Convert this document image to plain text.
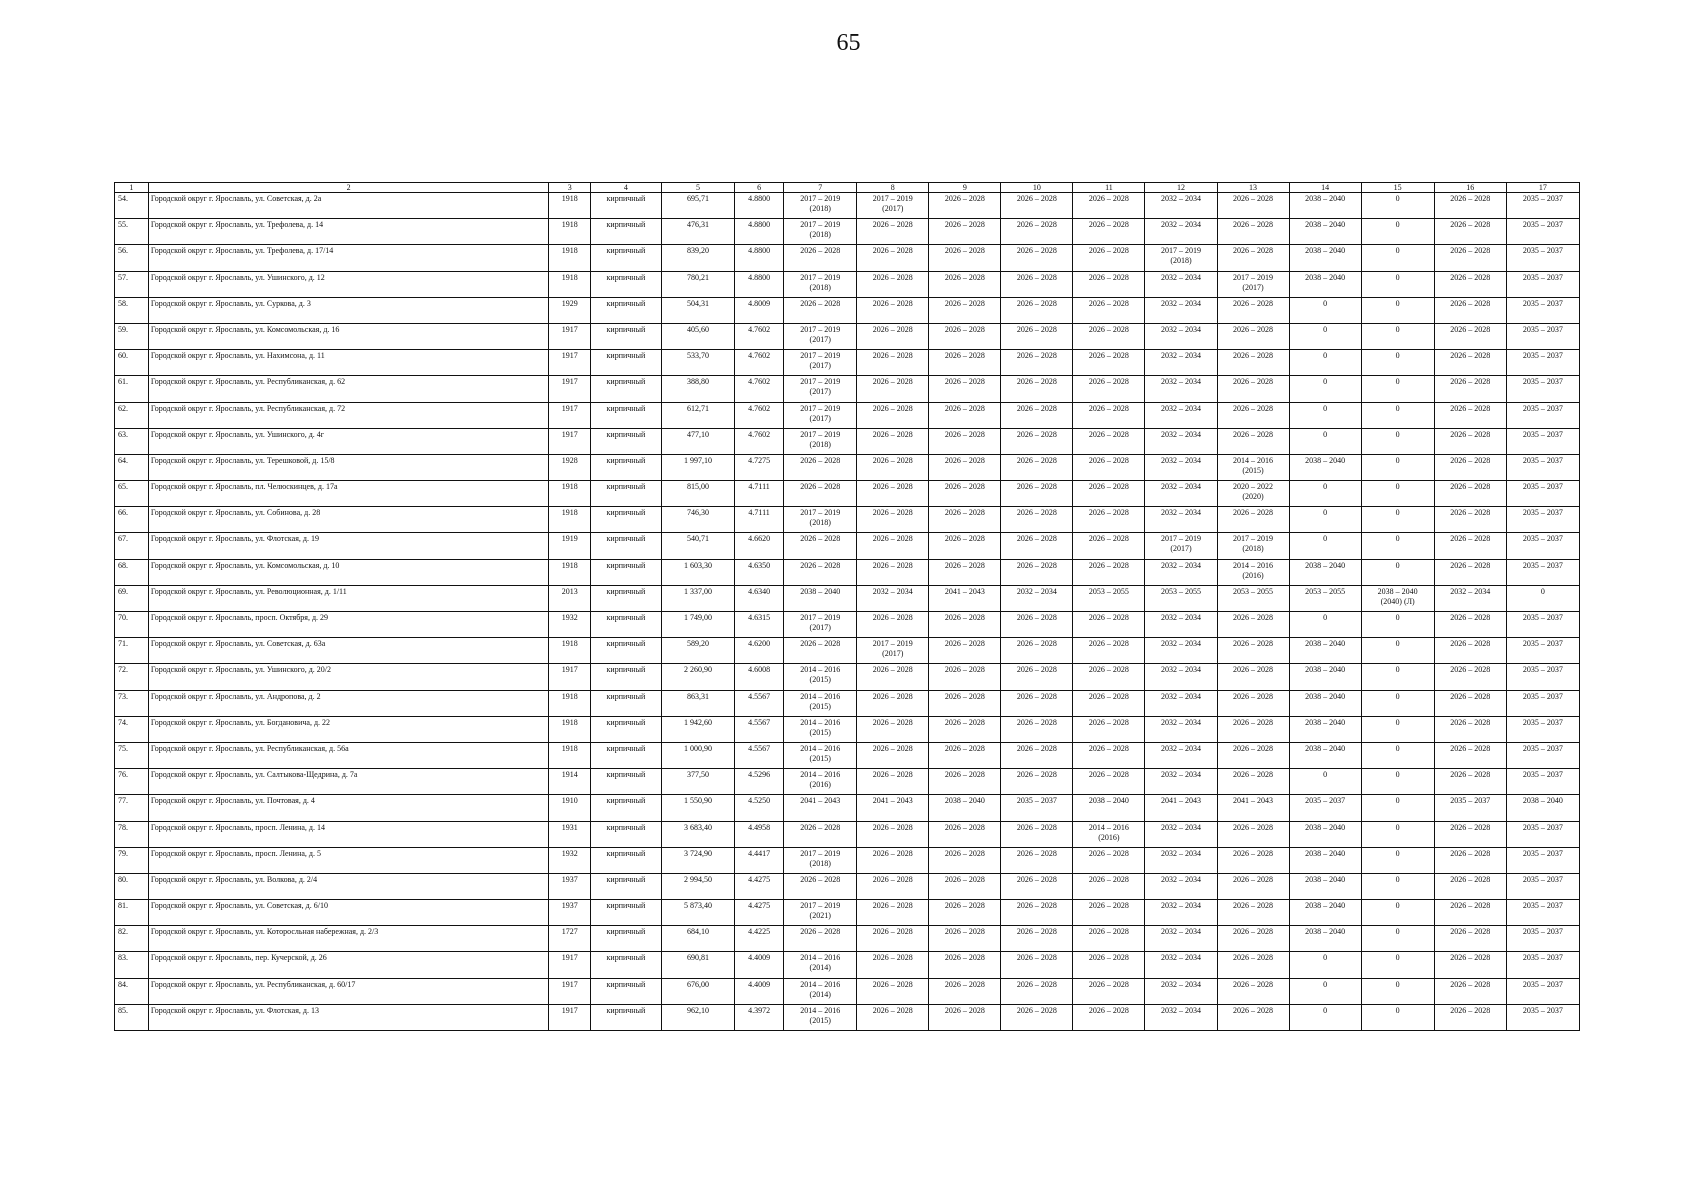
65
1	2	3	4	5	6	7	8	9	10	11	12	13	14	15	16	17
54.	Городской округ г. Ярославль, ул. Советская, д. 2а	1918	кирпичный	695,71	4.8800	2017 – 2019
(2018)	2017 – 2019
(2017)	2026 – 2028	2026 – 2028	2026 – 2028	2032 – 2034	2026 – 2028	2038 – 2040	0	2026 – 2028	2035 – 2037
55.	Городской округ г. Ярославль, ул. Трефолева, д. 14	1918	кирпичный	476,31	4.8800	2017 – 2019
(2018)	2026 – 2028	2026 – 2028	2026 – 2028	2026 – 2028	2032 – 2034	2026 – 2028	2038 – 2040	0	2026 – 2028	2035 – 2037
56.	Городской округ г. Ярославль, ул. Трефолева, д. 17/14	1918	кирпичный	839,20	4.8800	2026 – 2028	2026 – 2028	2026 – 2028	2026 – 2028	2026 – 2028	2017 – 2019
(2018)	2026 – 2028	2038 – 2040	0	2026 – 2028	2035 – 2037
57.	Городской округ г. Ярославль, ул. Ушинского, д. 12	1918	кирпичный	780,21	4.8800	2017 – 2019
(2018)	2026 – 2028	2026 – 2028	2026 – 2028	2026 – 2028	2032 – 2034	2017 – 2019
(2017)	2038 – 2040	0	2026 – 2028	2035 – 2037
58.	Городской округ г. Ярославль, ул. Суркова, д. 3	1929	кирпичный	504,31	4.8009	2026 – 2028	2026 – 2028	2026 – 2028	2026 – 2028	2026 – 2028	2032 – 2034	2026 – 2028	0	0	2026 – 2028	2035 – 2037
59.	Городской округ г. Ярославль, ул. Комсомольская, д. 16	1917	кирпичный	405,60	4.7602	2017 – 2019
(2017)	2026 – 2028	2026 – 2028	2026 – 2028	2026 – 2028	2032 – 2034	2026 – 2028	0	0	2026 – 2028	2035 – 2037
60.	Городской округ г. Ярославль, ул. Нахимсона, д. 11	1917	кирпичный	533,70	4.7602	2017 – 2019
(2017)	2026 – 2028	2026 – 2028	2026 – 2028	2026 – 2028	2032 – 2034	2026 – 2028	0	0	2026 – 2028	2035 – 2037
61.	Городской округ г. Ярославль, ул. Республиканская, д. 62	1917	кирпичный	388,80	4.7602	2017 – 2019
(2017)	2026 – 2028	2026 – 2028	2026 – 2028	2026 – 2028	2032 – 2034	2026 – 2028	0	0	2026 – 2028	2035 – 2037
62.	Городской округ г. Ярославль, ул. Республиканская, д. 72	1917	кирпичный	612,71	4.7602	2017 – 2019
(2017)	2026 – 2028	2026 – 2028	2026 – 2028	2026 – 2028	2032 – 2034	2026 – 2028	0	0	2026 – 2028	2035 – 2037
63.	Городской округ г. Ярославль, ул. Ушинского, д. 4г	1917	кирпичный	477,10	4.7602	2017 – 2019
(2018)	2026 – 2028	2026 – 2028	2026 – 2028	2026 – 2028	2032 – 2034	2026 – 2028	0	0	2026 – 2028	2035 – 2037
64.	Городской округ г. Ярославль, ул. Терешковой, д. 15/8	1928	кирпичный	1 997,10	4.7275	2026 – 2028	2026 – 2028	2026 – 2028	2026 – 2028	2026 – 2028	2032 – 2034	2014 – 2016
(2015)	2038 – 2040	0	2026 – 2028	2035 – 2037
65.	Городской округ г. Ярославль, пл. Челюскинцев, д. 17а	1918	кирпичный	815,00	4.7111	2026 – 2028	2026 – 2028	2026 – 2028	2026 – 2028	2026 – 2028	2032 – 2034	2020 – 2022
(2020)	0	0	2026 – 2028	2035 – 2037
66.	Городской округ г. Ярославль, ул. Собинова, д. 28	1918	кирпичный	746,30	4.7111	2017 – 2019
(2018)	2026 – 2028	2026 – 2028	2026 – 2028	2026 – 2028	2032 – 2034	2026 – 2028	0	0	2026 – 2028	2035 – 2037
67.	Городской округ г. Ярославль, ул. Флотская, д. 19	1919	кирпичный	540,71	4.6620	2026 – 2028	2026 – 2028	2026 – 2028	2026 – 2028	2026 – 2028	2017 – 2019
(2017)	2017 – 2019
(2018)	0	0	2026 – 2028	2035 – 2037
68.	Городской округ г. Ярославль, ул. Комсомольская, д. 10	1918	кирпичный	1 603,30	4.6350	2026 – 2028	2026 – 2028	2026 – 2028	2026 – 2028	2026 – 2028	2032 – 2034	2014 – 2016
(2016)	2038 – 2040	0	2026 – 2028	2035 – 2037
69.	Городской округ г. Ярославль, ул. Революционная, д. 1/11	2013	кирпичный	1 337,00	4.6340	2038 – 2040	2032 – 2034	2041 – 2043	2032 – 2034	2053 – 2055	2053 – 2055	2053 – 2055	2053 – 2055	2038 – 2040
(2040) (Л)	2032 – 2034	0
70.	Городской округ г. Ярославль, просп. Октября, д. 29	1932	кирпичный	1 749,00	4.6315	2017 – 2019
(2017)	2026 – 2028	2026 – 2028	2026 – 2028	2026 – 2028	2032 – 2034	2026 – 2028	0	0	2026 – 2028	2035 – 2037
71.	Городской округ г. Ярославль, ул. Советская, д. 63а	1918	кирпичный	589,20	4.6200	2026 – 2028	2017 – 2019
(2017)	2026 – 2028	2026 – 2028	2026 – 2028	2032 – 2034	2026 – 2028	2038 – 2040	0	2026 – 2028	2035 – 2037
72.	Городской округ г. Ярославль, ул. Ушинского, д. 20/2	1917	кирпичный	2 260,90	4.6008	2014 – 2016
(2015)	2026 – 2028	2026 – 2028	2026 – 2028	2026 – 2028	2032 – 2034	2026 – 2028	2038 – 2040	0	2026 – 2028	2035 – 2037
73.	Городской округ г. Ярославль, ул. Андропова, д. 2	1918	кирпичный	863,31	4.5567	2014 – 2016
(2015)	2026 – 2028	2026 – 2028	2026 – 2028	2026 – 2028	2032 – 2034	2026 – 2028	2038 – 2040	0	2026 – 2028	2035 – 2037
74.	Городской округ г. Ярославль, ул. Богдановича, д. 22	1918	кирпичный	1 942,60	4.5567	2014 – 2016
(2015)	2026 – 2028	2026 – 2028	2026 – 2028	2026 – 2028	2032 – 2034	2026 – 2028	2038 – 2040	0	2026 – 2028	2035 – 2037
75.	Городской округ г. Ярославль, ул. Республиканская, д. 56а	1918	кирпичный	1 000,90	4.5567	2014 – 2016
(2015)	2026 – 2028	2026 – 2028	2026 – 2028	2026 – 2028	2032 – 2034	2026 – 2028	2038 – 2040	0	2026 – 2028	2035 – 2037
76.	Городской округ г. Ярославль, ул. Салтыкова-Щедрина, д. 7а	1914	кирпичный	377,50	4.5296	2014 – 2016
(2016)	2026 – 2028	2026 – 2028	2026 – 2028	2026 – 2028	2032 – 2034	2026 – 2028	0	0	2026 – 2028	2035 – 2037
77.	Городской округ г. Ярославль, ул. Почтовая, д. 4	1910	кирпичный	1 550,90	4.5250	2041 – 2043	2041 – 2043	2038 – 2040	2035 – 2037	2038 – 2040	2041 – 2043	2041 – 2043	2035 – 2037	0	2035 – 2037	2038 – 2040
78.	Городской округ г. Ярославль, просп. Ленина, д. 14	1931	кирпичный	3 683,40	4.4958	2026 – 2028	2026 – 2028	2026 – 2028	2026 – 2028	2014 – 2016
(2016)	2032 – 2034	2026 – 2028	2038 – 2040	0	2026 – 2028	2035 – 2037
79.	Городской округ г. Ярославль, просп. Ленина, д. 5	1932	кирпичный	3 724,90	4.4417	2017 – 2019
(2018)	2026 – 2028	2026 – 2028	2026 – 2028	2026 – 2028	2032 – 2034	2026 – 2028	2038 – 2040	0	2026 – 2028	2035 – 2037
80.	Городской округ г. Ярославль, ул. Волкова, д. 2/4	1937	кирпичный	2 994,50	4.4275	2026 – 2028	2026 – 2028	2026 – 2028	2026 – 2028	2026 – 2028	2032 – 2034	2026 – 2028	2038 – 2040	0	2026 – 2028	2035 – 2037
81.	Городской округ г. Ярославль, ул. Советская, д. 6/10	1937	кирпичный	5 873,40	4.4275	2017 – 2019
(2021)	2026 – 2028	2026 – 2028	2026 – 2028	2026 – 2028	2032 – 2034	2026 – 2028	2038 – 2040	0	2026 – 2028	2035 – 2037
82.	Городской округ г. Ярославль, ул. Которосльная набережная, д. 2/3	1727	кирпичный	684,10	4.4225	2026 – 2028	2026 – 2028	2026 – 2028	2026 – 2028	2026 – 2028	2032 – 2034	2026 – 2028	2038 – 2040	0	2026 – 2028	2035 – 2037
83.	Городской округ г. Ярославль, пер. Кучерской, д. 26	1917	кирпичный	690,81	4.4009	2014 – 2016
(2014)	2026 – 2028	2026 – 2028	2026 – 2028	2026 – 2028	2032 – 2034	2026 – 2028	0	0	2026 – 2028	2035 – 2037
84.	Городской округ г. Ярославль, ул. Республиканская, д. 60/17	1917	кирпичный	676,00	4.4009	2014 – 2016
(2014)	2026 – 2028	2026 – 2028	2026 – 2028	2026 – 2028	2032 – 2034	2026 – 2028	0	0	2026 – 2028	2035 – 2037
85.	Городской округ г. Ярославль, ул. Флотская, д. 13	1917	кирпичный	962,10	4.3972	2014 – 2016
(2015)	2026 – 2028	2026 – 2028	2026 – 2028	2026 – 2028	2032 – 2034	2026 – 2028	0	0	2026 – 2028	2035 – 2037
